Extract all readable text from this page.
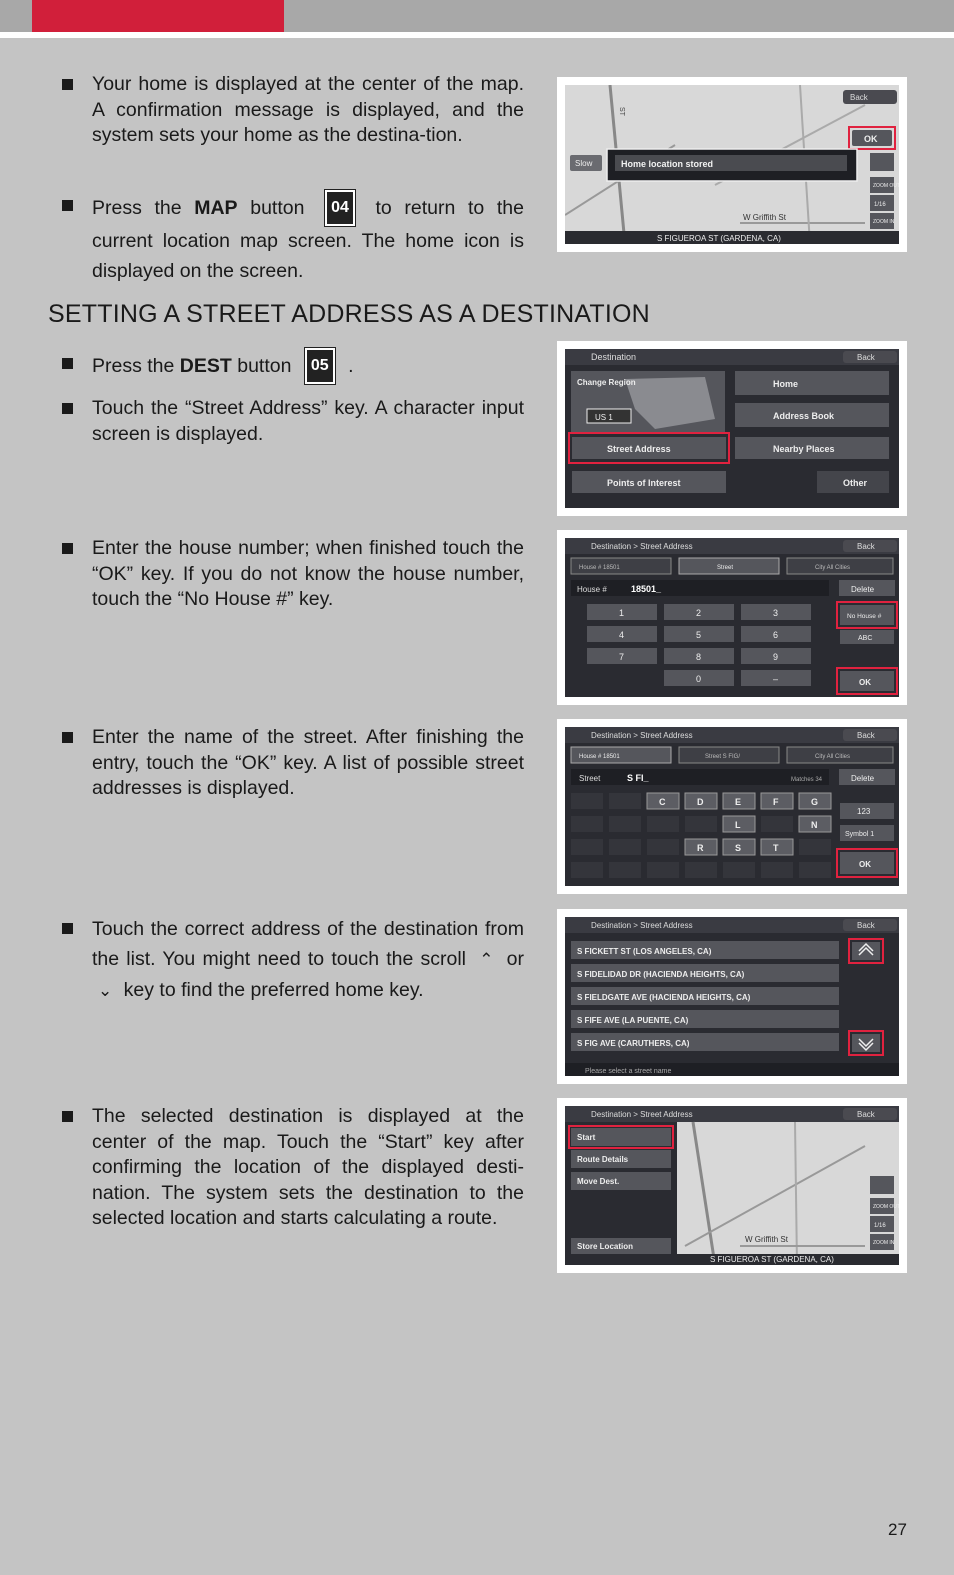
Your home is displayed at the center of the map. A confirmation message is displayed, and the system sets your home as the destina-tion.
Press the MAP button 04 to return to the current location map screen. The home icon is displayed on the screen.
SETTING A STREET ADDRESS AS A DESTINATION
Press the DEST button 05 .
Touch the “Street Address” key. A character input screen is displayed.
Enter the house number; when finished touch the “OK” key. If you do not know the house number, touch the “No House #” key.
Enter the name of the street. After finishing the entry, touch the “OK” key. A list of possible street addresses is displayed.
Touch the correct address of the destination from the list. You might need to touch the scroll ⌃ or ⌄ key to find the preferred home key.
The selected destination is displayed at the center of the map. Touch the “Start” key after confirming the location of the displayed desti-nation. The system sets the destination to the selected location and starts calculating a route.
ST
W Griffith St
Back
OK
Slow	Home location stored
ZOOM OUT
1/16
ZOOM IN
S FIGUEROA ST (GARDENA, CA)
Destination	Back
Change Region
US 1
Home
Address Book
Street Address	Nearby Places
Points of Interest	Other
Destination > Street Address	Back
House # 18501	Street	City All Cities
House #	18501_	Delete
1	2	3
4	5	6
7	8	9
0	–
No House #
ABC
OK
Destination > Street Address	Back
House # 18501	Street S FIG/	City All Cities
Street	S FI_	Matches 34	Delete
C	D	E	F	G
L	N
R	S	T
123
Symbol 1
OK
Destination > Street Address	Back
S FICKETT ST (LOS ANGELES, CA)
S FIDELIDAD DR (HACIENDA HEIGHTS, CA)
S FIELDGATE AVE (HACIENDA HEIGHTS, CA)
S FIFE AVE (LA PUENTE, CA)
S FIG AVE (CARUTHERS, CA)
Please select a street name
Destination > Street Address	Back
W Griffith St
Start
Route Details
Move Dest.
Store Location
ZOOM OUT
1/16
ZOOM IN
S FIGUEROA ST (GARDENA, CA)
27
